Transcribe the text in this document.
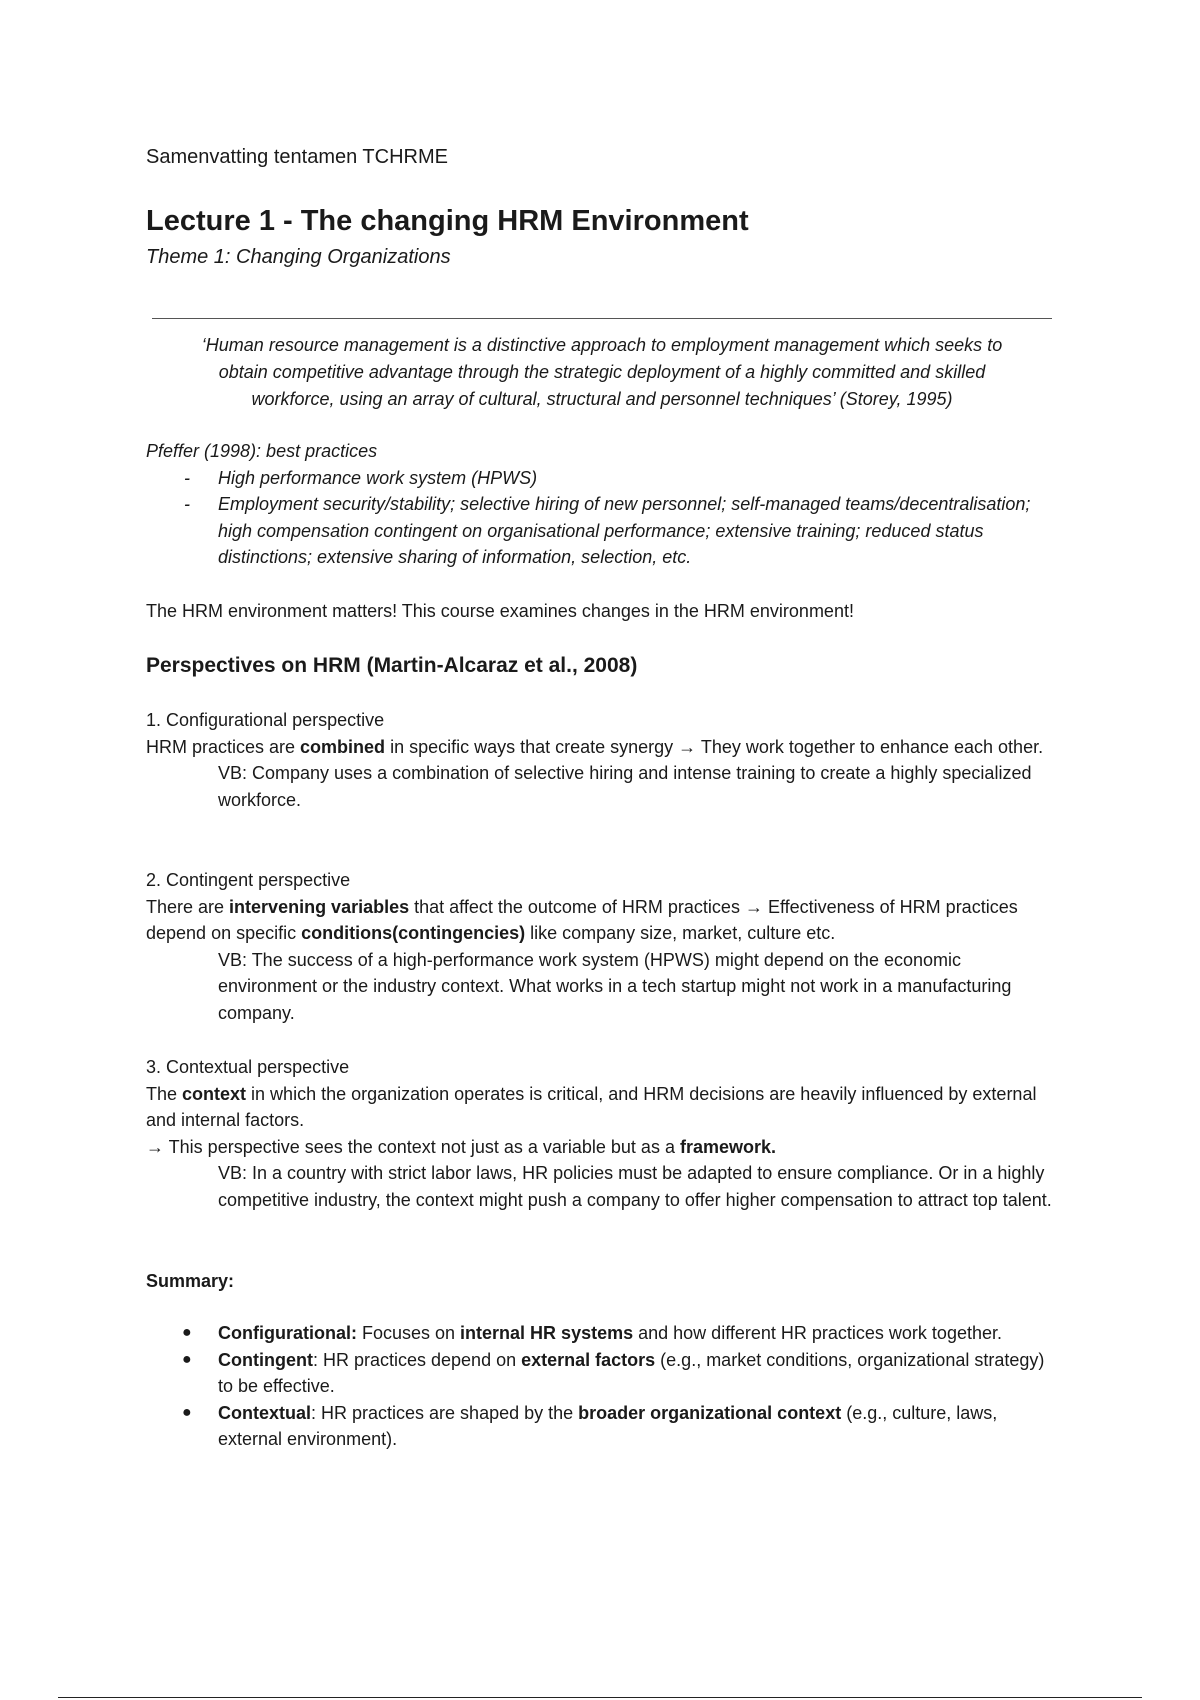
Samenvatting tentamen TCHRME
Lecture 1 - The changing HRM Environment
Theme 1: Changing Organizations
‘Human resource management is a distinctive approach to employment management which seeks to
obtain competitive advantage through the strategic deployment of a highly committed and skilled
workforce, using an array of cultural, structural and personnel techniques’ (Storey, 1995)
Pfeffer (1998): best practices
- High performance work system (HPWS)
- Employment security/stability; selective hiring of new personnel; self-managed teams/decentralisation; high compensation contingent on organisational performance; extensive training; reduced status distinctions; extensive sharing of information, selection, etc.
The HRM environment matters! This course examines changes in the HRM environment!
Perspectives on HRM (Martin-Alcaraz et al., 2008)
1. Configurational perspective
HRM practices are combined in specific ways that create synergy → They work together to enhance each other.
VB: Company uses a combination of selective hiring and intense training to create a highly specialized workforce.
2. Contingent perspective
There are intervening variables that affect the outcome of HRM practices → Effectiveness of HRM practices depend on specific conditions(contingencies) like company size, market, culture etc.
VB: The success of a high-performance work system (HPWS) might depend on the economic environment or the industry context. What works in a tech startup might not work in a manufacturing company.
3. Contextual perspective
The context in which the organization operates is critical, and HRM decisions are heavily influenced by external and internal factors.
→ This perspective sees the context not just as a variable but as a framework.
VB: In a country with strict labor laws, HR policies must be adapted to ensure compliance. Or in a highly competitive industry, the context might push a company to offer higher compensation to attract top talent.
Summary:
● Configurational: Focuses on internal HR systems and how different HR practices work together.
● Contingent: HR practices depend on external factors (e.g., market conditions, organizational strategy) to be effective.
● Contextual: HR practices are shaped by the broader organizational context (e.g., culture, laws, external environment).
